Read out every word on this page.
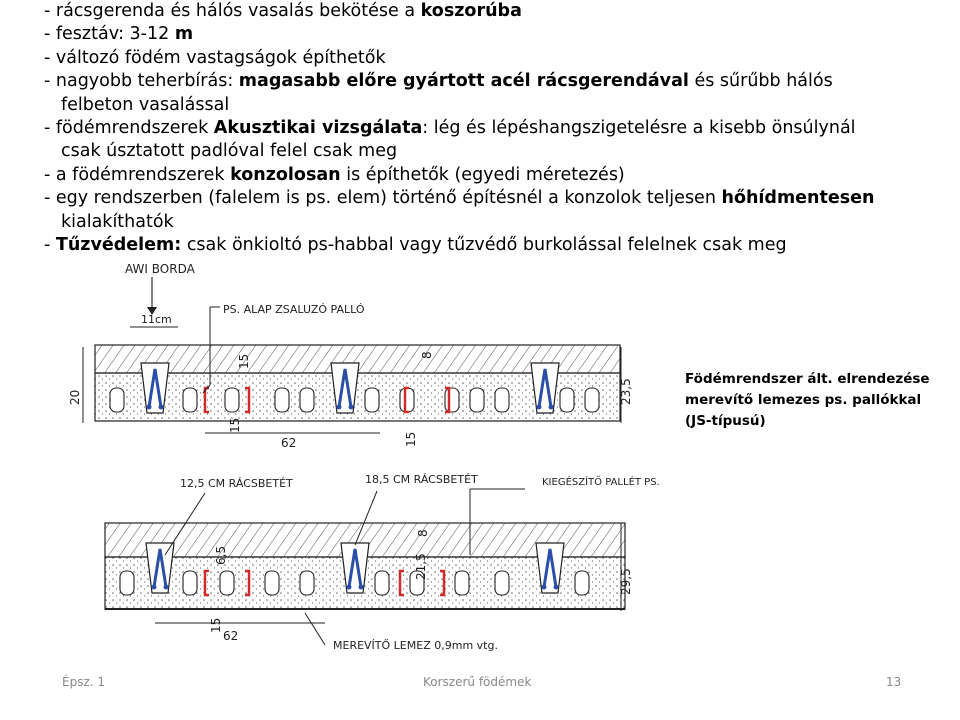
- rácsgerenda és hálós vasalás bekötése a koszorúba
- fesztáv: 3-12 m
- változó födém vastagságok építhetők
- nagyobb teherbírás: magasabb előre gyártott acél rácsgerendával és sűrűbb hálós
felbeton vasalással
- födémrendszerek Akusztikai vizsgálata: lég és lépéshangszigetelésre a kisebb önsúlynál
csak úsztatott padlóval felel csak meg
- a födémrendszerek konzolosan is építhetők (egyedi méretezés)
- egy rendszerben (falelem is ps. elem) történő építésnél a konzolok teljesen hőhídmentesen
kialakíthatók
- Tűzvédelem: csak önkioltó ps-habbal vagy tűzvédő burkolással felelnek csak meg
AWI BORDA
PS. ALAP ZSALUZÓ PALLÓ
11cm
20
15	8
15
15
23,5
62
12,5 CM RÁCSBETÉT	18,5 CM RÁCSBETÉT	KIEGÉSZÍTŐ PALLÉT PS.
6,5	21,5
8
29,5
15
62
MEREVÍTŐ LEMEZ 0,9mm vtg.
Födémrendszer ált. elrendezése
merevítő lemezes ps. pallókkal
(JS-típusú)
Épsz. 1	Korszerű födémek	13
